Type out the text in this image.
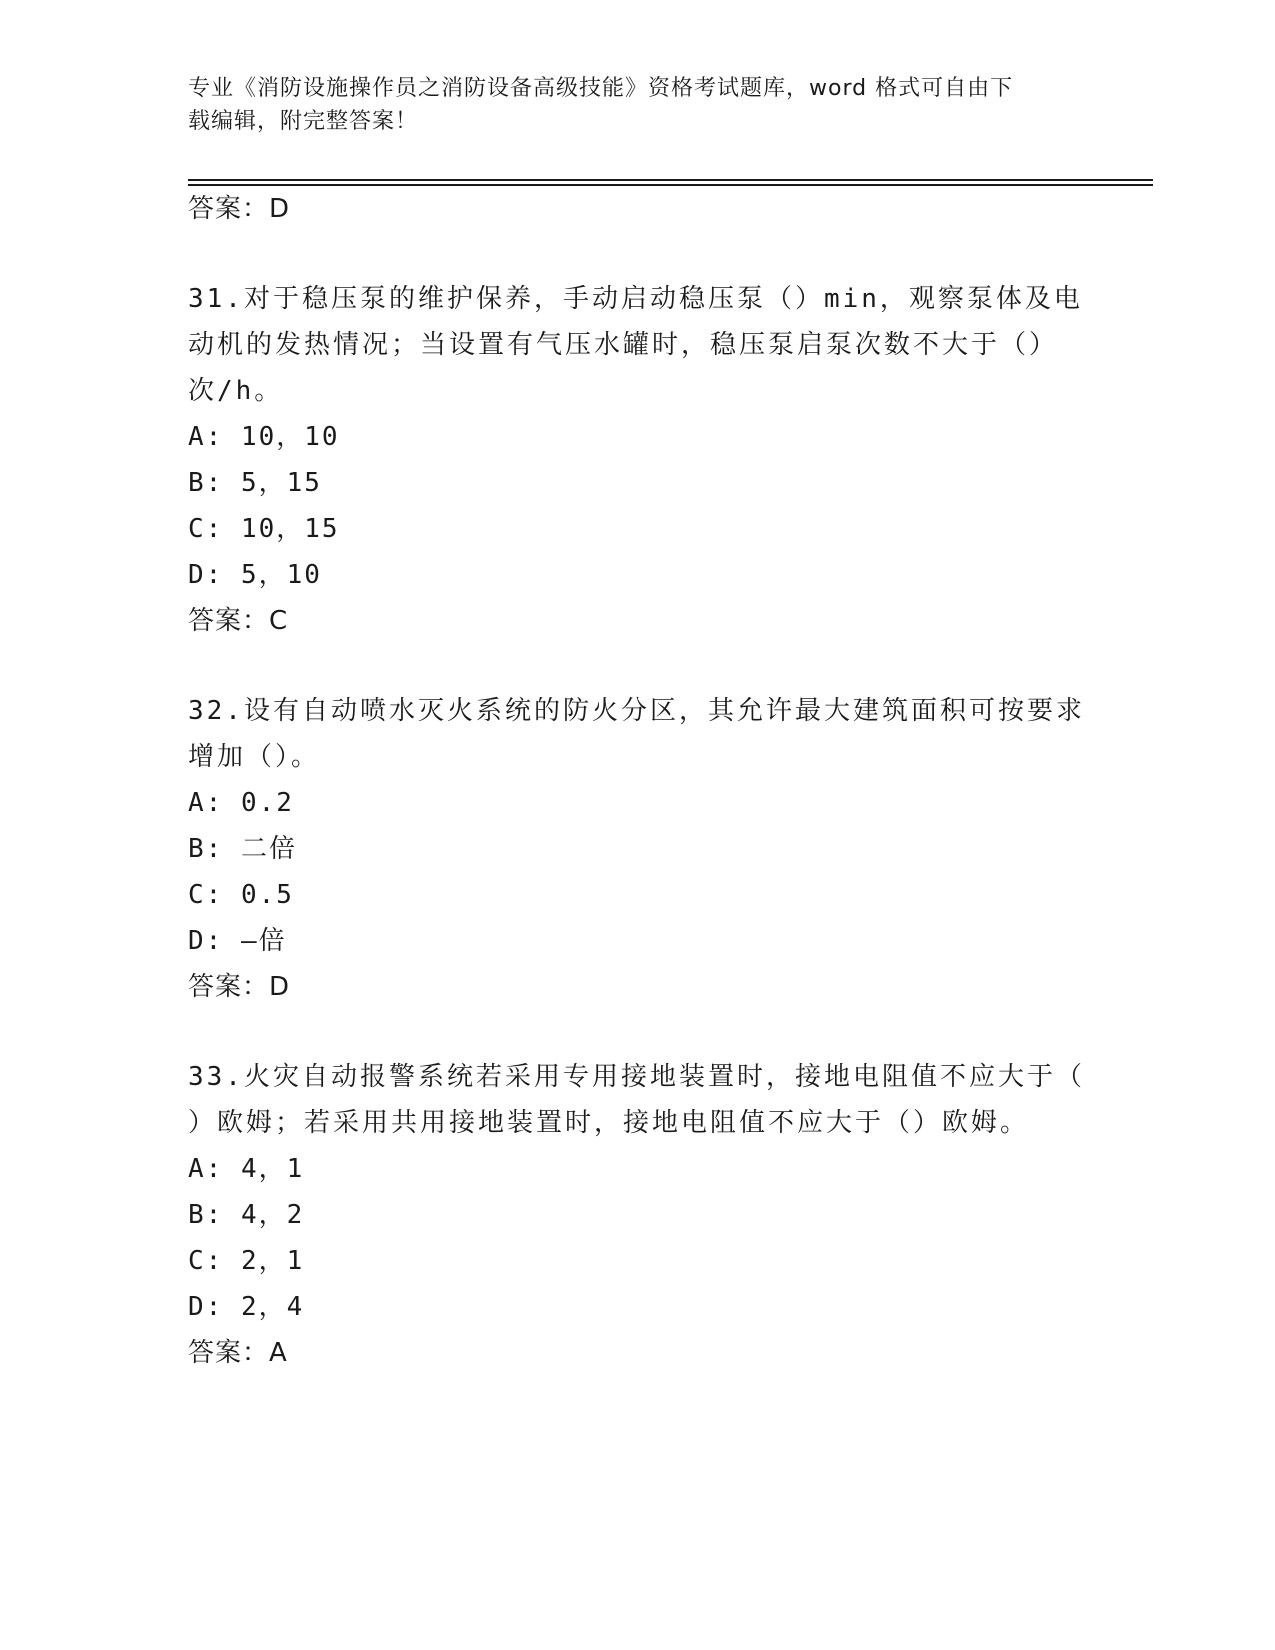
专业《消防设施操作员之消防设备高级技能》资格考试题库，word 格式可自由下
载编辑，附完整答案！
答案：D
31.对于稳压泵的维护保养，手动启动稳压泵（）min，观察泵体及电
动机的发热情况；当设置有气压水罐时，稳压泵启泵次数不大于（）
次/h。
A: 10，10
B: 5，15
C: 10，15
D: 5，10
答案：C
32.设有自动喷水灭火系统的防火分区，其允许最大建筑面积可按要求
增加（）。
A: 0.2
B: 二倍
C: 0.5
D: —倍
答案：D
33.火灾自动报警系统若采用专用接地装置时，接地电阻值不应大于（
）欧姆；若采用共用接地装置时，接地电阻值不应大于（）欧姆。
A: 4，1
B: 4，2
C: 2，1
D: 2，4
答案：A
